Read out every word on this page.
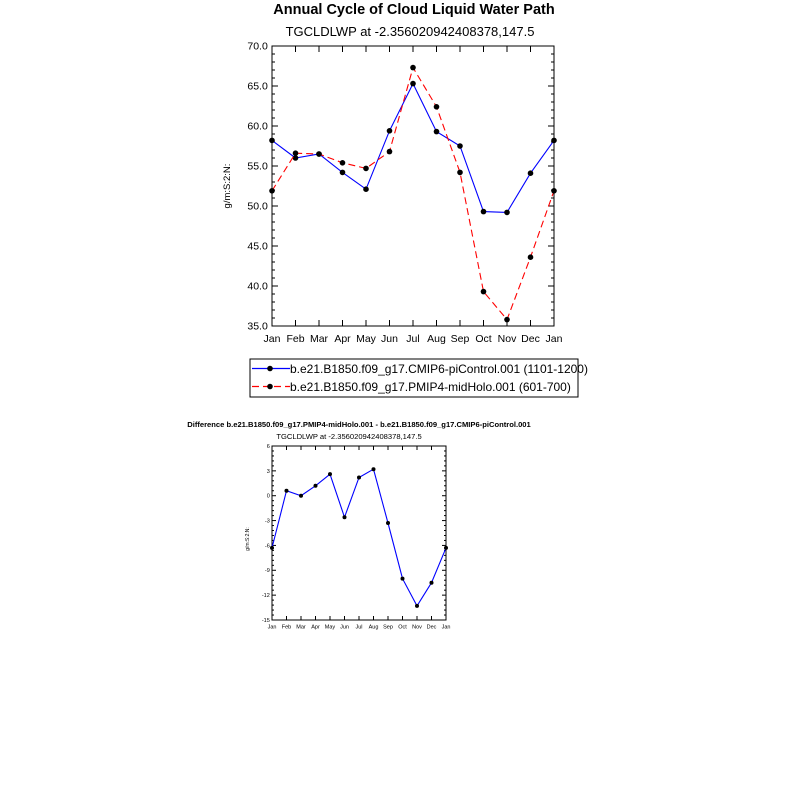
Annual Cycle of Cloud Liquid Water Path
TGCLDLWP at -2.356020942408378,147.5
g/m:S:2:N:
Jan Feb Mar Apr May Jun Jul Aug Sep Oct Nov Dec Jan
35.0
40.0
45.0
50.0
55.0
60.0
65.0
70.0
b.e21.B1850.f09_g17.CMIP6-piControl.001 (1101-1200)
b.e21.B1850.f09_g17.PMIP4-midHolo.001 (601-700)
Difference b.e21.B1850.f09_g17.PMIP4-midHolo.001 - b.e21.B1850.f09_g17.CMIP6-piControl.001
TGCLDLWP at -2.356020942408378,147.5
g/m:S:2:N:
Jan Feb Mar Apr May Jun Jul Aug Sep Oct Nov Dec Jan
-15
-12
-9
-6
-3
0
3
6
